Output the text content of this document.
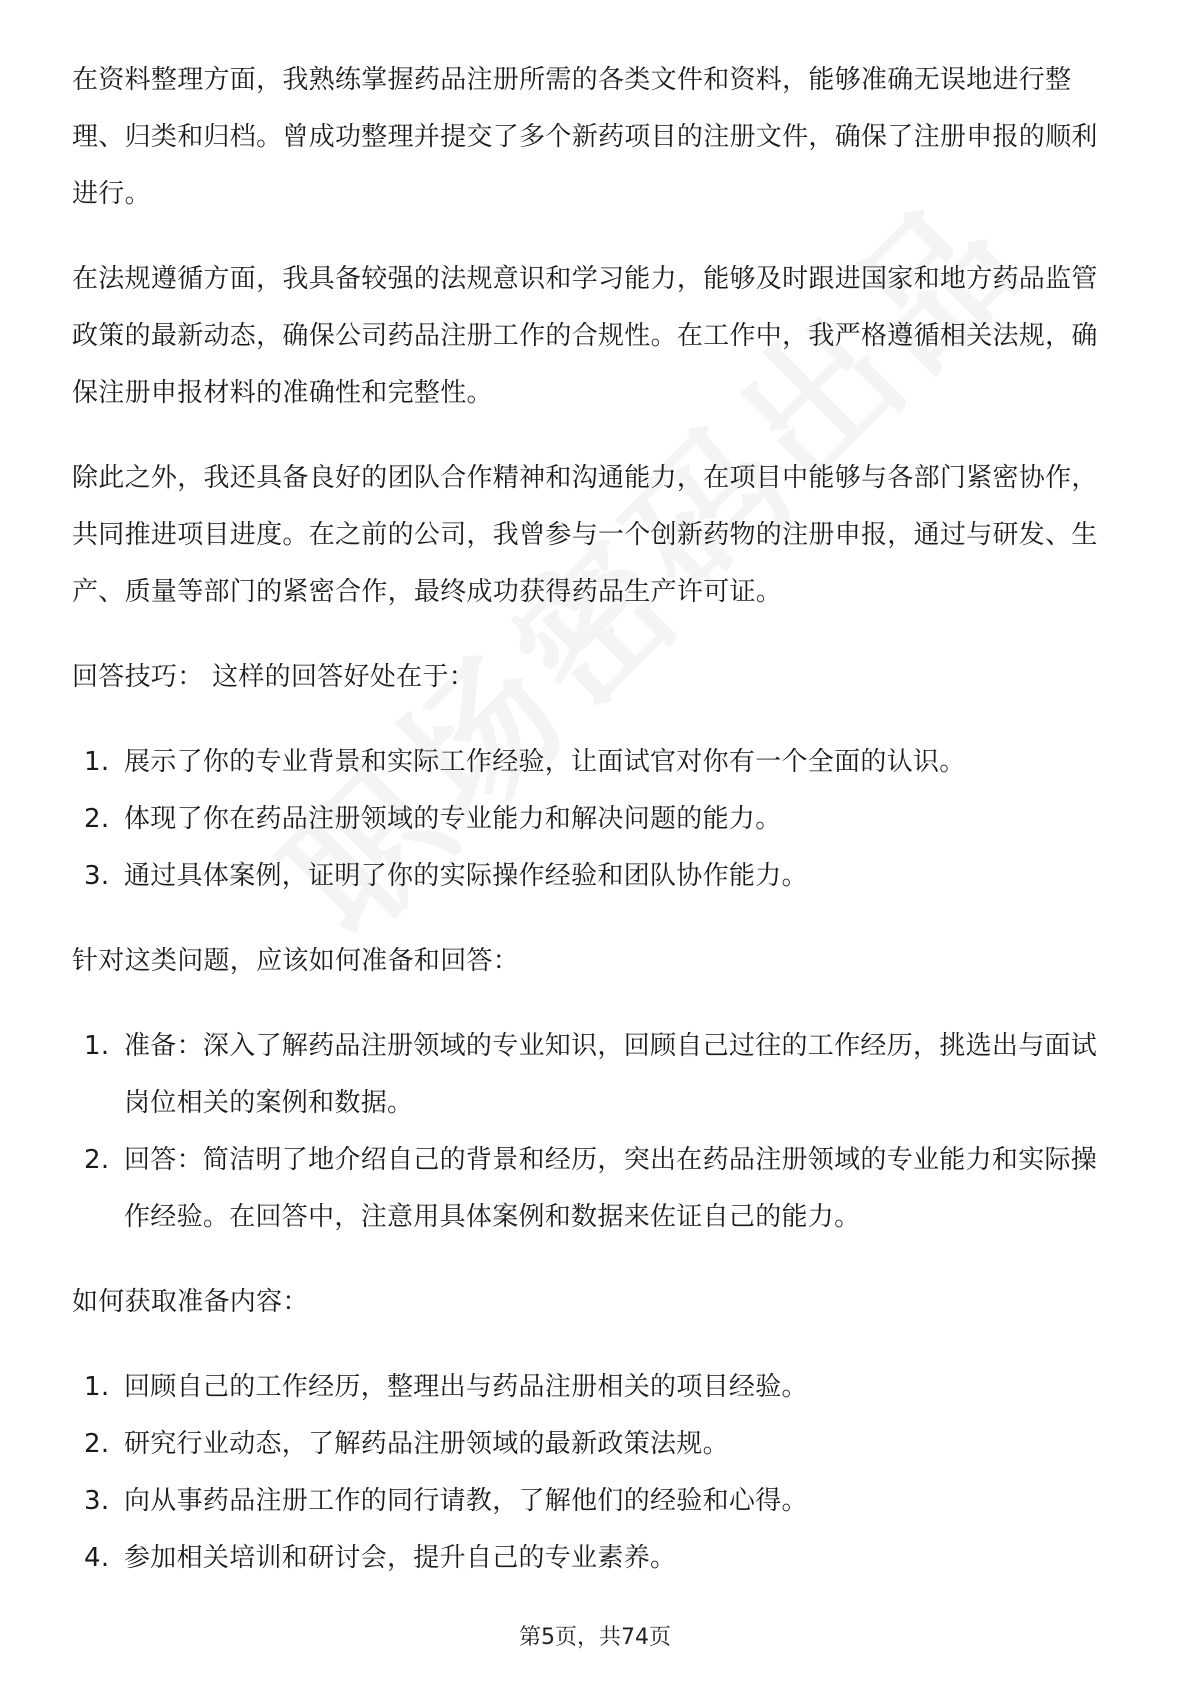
在资料整理方面，我熟练掌握药品注册所需的各类文件和资料，能够准确无误地进行整理、归类和归档。曾成功整理并提交了多个新药项目的注册文件，确保了注册申报的顺利进行。

在法规遵循方面，我具备较强的法规意识和学习能力，能够及时跟进国家和地方药品监管政策的最新动态，确保公司药品注册工作的合规性。在工作中，我严格遵循相关法规，确保注册申报材料的准确性和完整性。

除此之外，我还具备良好的团队合作精神和沟通能力，在项目中能够与各部门紧密协作，共同推进项目进度。在之前的公司，我曾参与一个创新药物的注册申报，通过与研发、生产、质量等部门的紧密合作，最终成功获得药品生产许可证。

回答技巧： 这样的回答好处在于：

1. 展示了你的专业背景和实际工作经验，让面试官对你有一个全面的认识。
2. 体现了你在药品注册领域的专业能力和解决问题的能力。
3. 通过具体案例，证明了你的实际操作经验和团队协作能力。

针对这类问题，应该如何准备和回答：

1. 准备：深入了解药品注册领域的专业知识，回顾自己过往的工作经历，挑选出与面试岗位相关的案例和数据。
2. 回答：简洁明了地介绍自己的背景和经历，突出在药品注册领域的专业能力和实际操作经验。在回答中，注意用具体案例和数据来佐证自己的能力。

如何获取准备内容：

1. 回顾自己的工作经历，整理出与药品注册相关的项目经验。
2. 研究行业动态，了解药品注册领域的最新政策法规。
3. 向从事药品注册工作的同行请教，了解他们的经验和心得。
4. 参加相关培训和研讨会，提升自己的专业素养。
第5页，共74页
